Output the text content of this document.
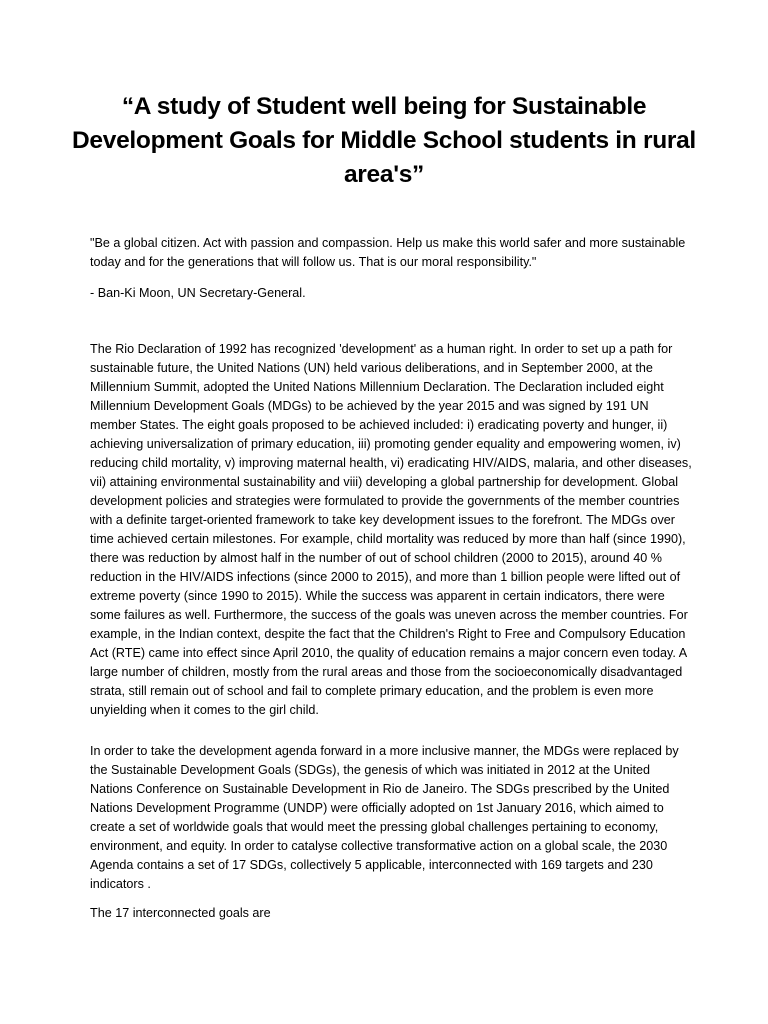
“A study of Student well being for Sustainable Development Goals for Middle School students in rural area's”

"Be a global citizen. Act with passion and compassion. Help us make this world safer and more sustainable today and for the generations that will follow us. That is our moral responsibility."

- Ban-Ki Moon, UN Secretary-General.

The Rio Declaration of 1992 has recognized 'development' as a human right. In order to set up a path for sustainable future, the United Nations (UN) held various deliberations, and in September 2000, at the Millennium Summit, adopted the United Nations Millennium Declaration. The Declaration included eight Millennium Development Goals (MDGs) to be achieved by the year 2015 and was signed by 191 UN member States. The eight goals proposed to be achieved included: i) eradicating poverty and hunger, ii) achieving universalization of primary education, iii) promoting gender equality and empowering women, iv) reducing child mortality, v) improving maternal health, vi) eradicating HIV/AIDS, malaria, and other diseases, vii) attaining environmental sustainability and viii) developing a global partnership for development. Global development policies and strategies were formulated to provide the governments of the member countries with a definite target-oriented framework to take key development issues to the forefront. The MDGs over time achieved certain milestones. For example, child mortality was reduced by more than half (since 1990), there was reduction by almost half in the number of out of school children (2000 to 2015), around 40 % reduction in the HIV/AIDS infections (since 2000 to 2015), and more than 1 billion people were lifted out of extreme poverty (since 1990 to 2015). While the success was apparent in certain indicators, there were some failures as well. Furthermore, the success of the goals was uneven across the member countries. For example, in the Indian context, despite the fact that the Children's Right to Free and Compulsory Education Act (RTE) came into effect since April 2010, the quality of education remains a major concern even today. A large number of children, mostly from the rural areas and those from the socioeconomically disadvantaged strata, still remain out of school and fail to complete primary education, and the problem is even more unyielding when it comes to the girl child.

In order to take the development agenda forward in a more inclusive manner, the MDGs were replaced by the Sustainable Development Goals (SDGs), the genesis of which was initiated in 2012 at the United Nations Conference on Sustainable Development in Rio de Janeiro. The SDGs prescribed by the United Nations Development Programme (UNDP) were officially adopted on 1st January 2016, which aimed to create a set of worldwide goals that would meet the pressing global challenges pertaining to economy, environment, and equity. In order to catalyse collective transformative action on a global scale, the 2030 Agenda contains a set of 17 SDGs, collectively 5 applicable, interconnected with 169 targets and 230 indicators .

The 17 interconnected goals are
